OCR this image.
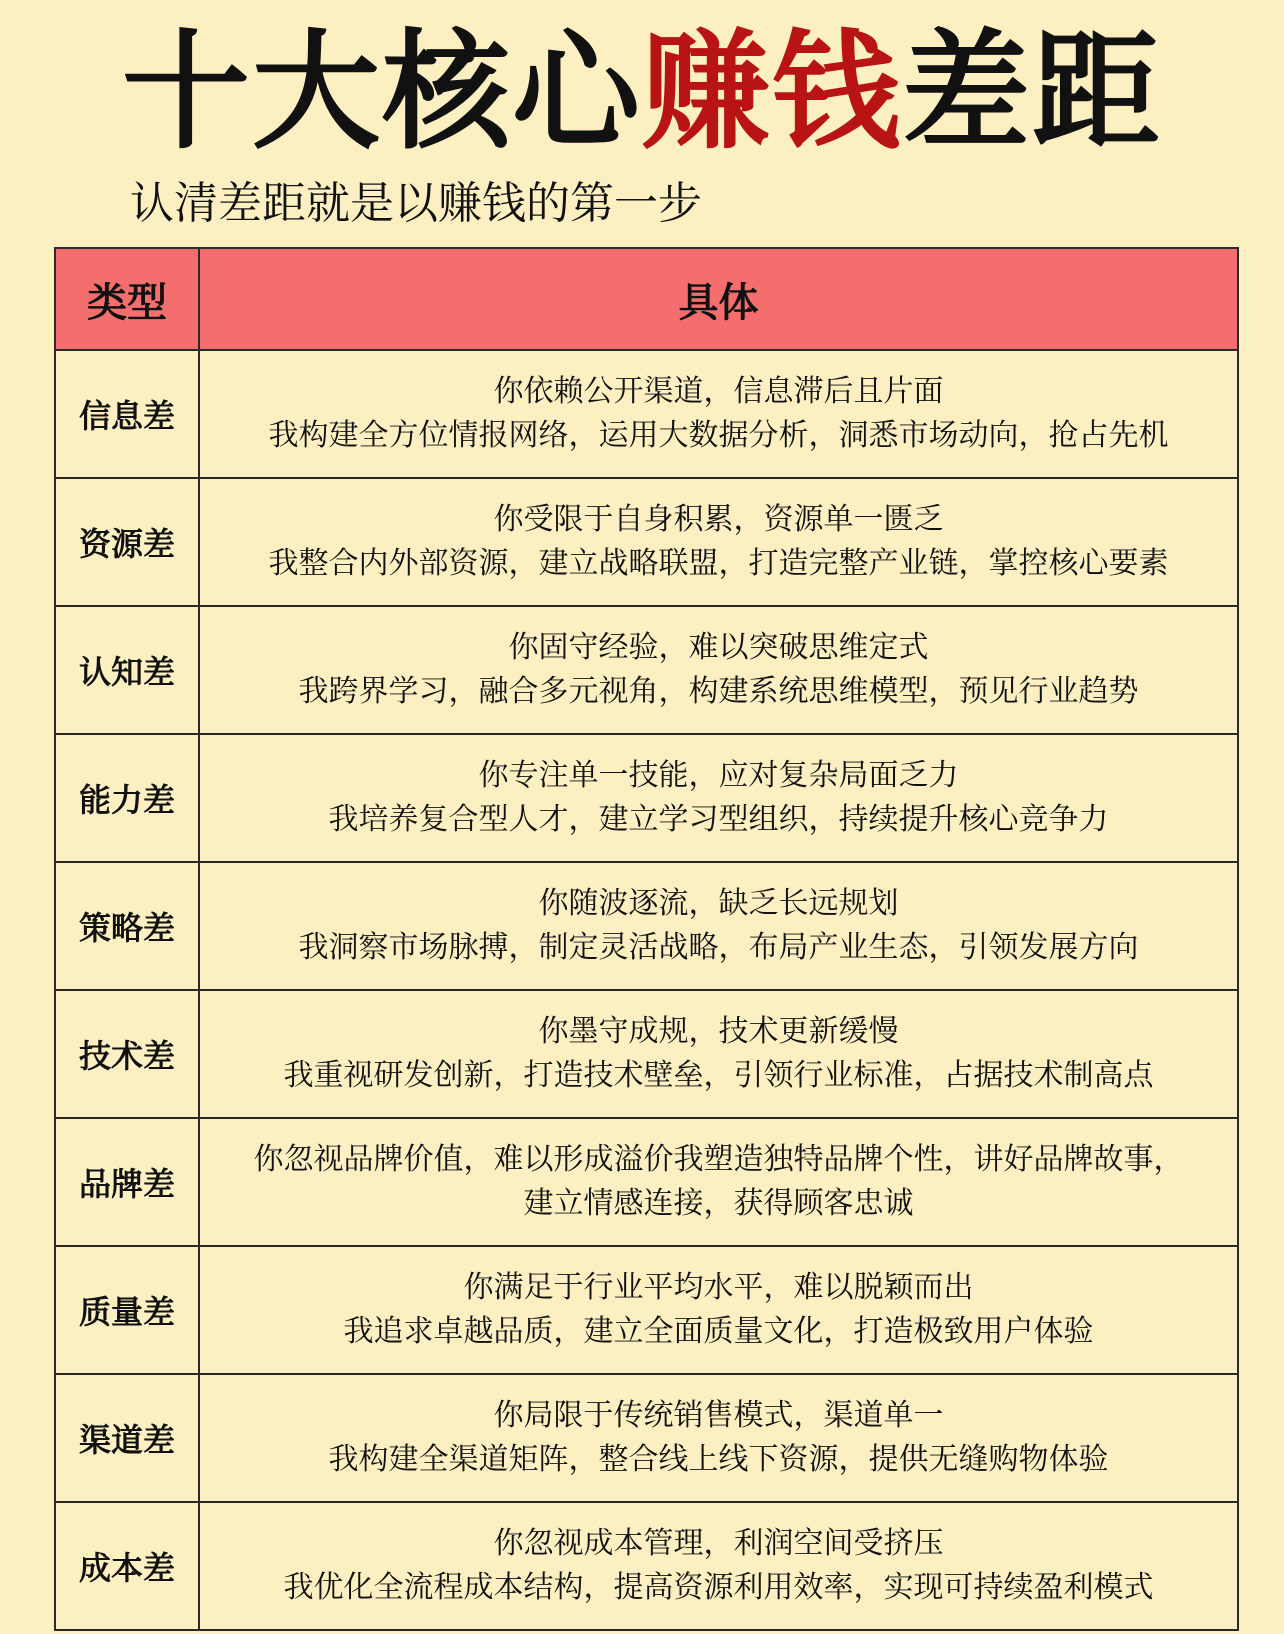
十大核心赚钱差距
认清差距就是以赚钱的第一步
类型	具体
信息差	你依赖公开渠道，信息滞后且片面
我构建全方位情报网络，运用大数据分析，洞悉市场动向，抢占先机

资源差	你受限于自身积累，资源单一匮乏
我整合内外部资源，建立战略联盟，打造完整产业链，掌控核心要素

认知差	你固守经验，难以突破思维定式
我跨界学习，融合多元视角，构建系统思维模型，预见行业趋势

能力差	你专注单一技能，应对复杂局面乏力
我培养复合型人才，建立学习型组织，持续提升核心竞争力

策略差	你随波逐流，缺乏长远规划
我洞察市场脉搏，制定灵活战略，布局产业生态，引领发展方向

技术差	你墨守成规，技术更新缓慢
我重视研发创新，打造技术壁垒，引领行业标准，占据技术制高点

品牌差	你忽视品牌价值，难以形成溢价我塑造独特品牌个性，讲好品牌故事，
建立情感连接，获得顾客忠诚

质量差	你满足于行业平均水平，难以脱颖而出
我追求卓越品质，建立全面质量文化，打造极致用户体验

渠道差	你局限于传统销售模式，渠道单一
我构建全渠道矩阵，整合线上线下资源，提供无缝购物体验

成本差	你忽视成本管理，利润空间受挤压
我优化全流程成本结构，提高资源利用效率，实现可持续盈利模式
